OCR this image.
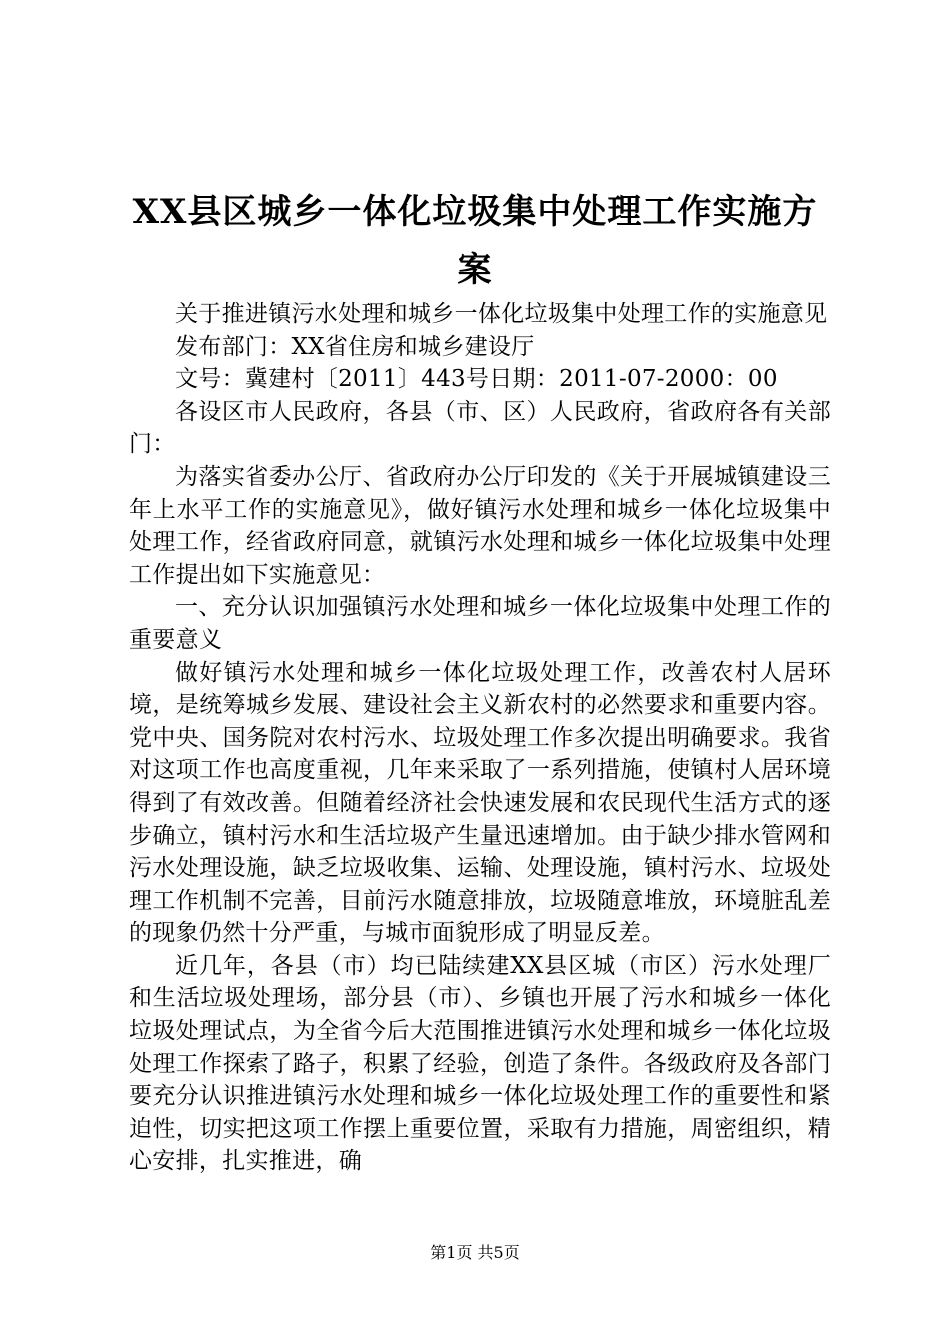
XX县区城乡一体化垃圾集中处理工作实施方
案

关于推进镇污水处理和城乡一体化垃圾集中处理工作的实施意见

发布部门：XX省住房和城乡建设厅

文号：冀建村〔2011〕443号日期：2011-07-2000：00

各设区市人民政府，各县（市、区）人民政府，省政府各有关部门：

为落实省委办公厅、省政府办公厅印发的《关于开展城镇建设三年上水平工作的实施意见》，做好镇污水处理和城乡一体化垃圾集中处理工作，经省政府同意，就镇污水处理和城乡一体化垃圾集中处理工作提出如下实施意见：

一、充分认识加强镇污水处理和城乡一体化垃圾集中处理工作的重要意义

做好镇污水处理和城乡一体化垃圾处理工作，改善农村人居环境，是统筹城乡发展、建设社会主义新农村的必然要求和重要内容。党中央、国务院对农村污水、垃圾处理工作多次提出明确要求。我省对这项工作也高度重视，几年来采取了一系列措施，使镇村人居环境得到了有效改善。但随着经济社会快速发展和农民现代生活方式的逐步确立，镇村污水和生活垃圾产生量迅速增加。由于缺少排水管网和污水处理设施，缺乏垃圾收集、运输、处理设施，镇村污水、垃圾处理工作机制不完善，目前污水随意排放，垃圾随意堆放，环境脏乱差的现象仍然十分严重，与城市面貌形成了明显反差。

近几年，各县（市）均已陆续建XX县区城（市区）污水处理厂和生活垃圾处理场，部分县（市）、乡镇也开展了污水和城乡一体化垃圾处理试点，为全省今后大范围推进镇污水处理和城乡一体化垃圾处理工作探索了路子，积累了经验，创造了条件。各级政府及各部门要充分认识推进镇污水处理和城乡一体化垃圾处理工作的重要性和紧迫性，切实把这项工作摆上重要位置，采取有力措施，周密组织，精心安排，扎实推进，确

第1页 共5页
